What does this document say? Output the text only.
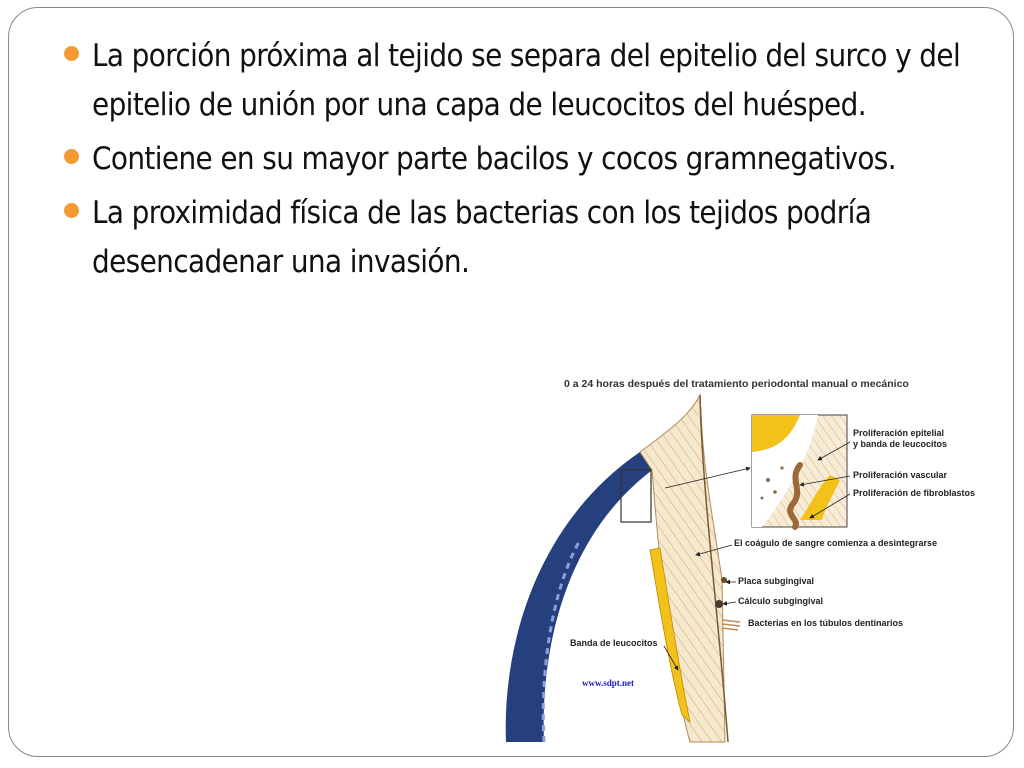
La porción próxima al tejido se separa del epitelio del surco y del epitelio de unión por una capa de leucocitos del huésped.
Contiene en su mayor parte bacilos y cocos gramnegativos.
La proximidad física de las bacterias con los tejidos podría desencadenar una invasión.
0 a 24 horas después del tratamiento periodontal manual o mecánico
Proliferación epitelial
y banda de leucocitos
Proliferación vascular
Proliferación de fibroblastos
El coágulo de sangre comienza a desintegrarse
Placa subgingival
Cálculo subgingival
Bacterias en los túbulos dentinarios
Banda de leucocitos
www.sdpt.net
